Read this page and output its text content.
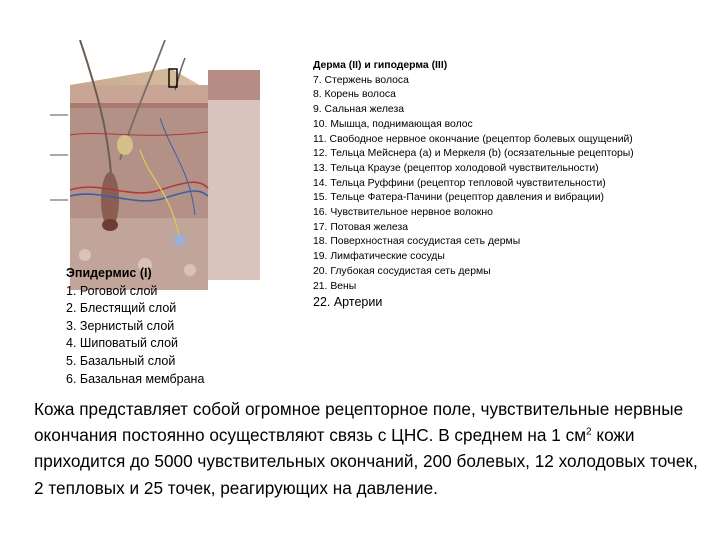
Эпидермис (I)
1. Роговой слой
2. Блестящий слой
3. Зернистый слой
4. Шиповатый слой
5. Базальный слой
6. Базальная мембрана
Дерма (II) и гиподерма (III)
7. Стержень волоса
8. Корень волоса
9. Сальная железа
10. Мышца, поднимающая волос
11. Свободное нервное окончание (рецептор болевых ощущений)
12. Тельца Мейснера (а) и Меркеля (b) (осязательные рецепторы)
13. Тельца Краузе (рецептор холодовой чувствительности)
14. Тельца Руффини (рецептор тепловой чувствительности)
15. Тельце Фатера-Пачини (рецептор давления и вибрации)
16. Чувствительное нервное волокно
17. Потовая железа
18. Поверхностная сосудистая сеть дермы
19. Лимфатические сосуды
20. Глубокая сосудистая сеть дермы
21. Вены
22. Артерии
Кожа представляет собой огромное рецепторное поле, чувствительные нервные окончания постоянно осуществляют связь с ЦНС. В среднем на 1 $см^2$ кожи приходится до 5000 чувствительных окончаний, 200 болевых, 12 холодовых точек, 2 тепловых и 25 точек, реагирующих на давление.
